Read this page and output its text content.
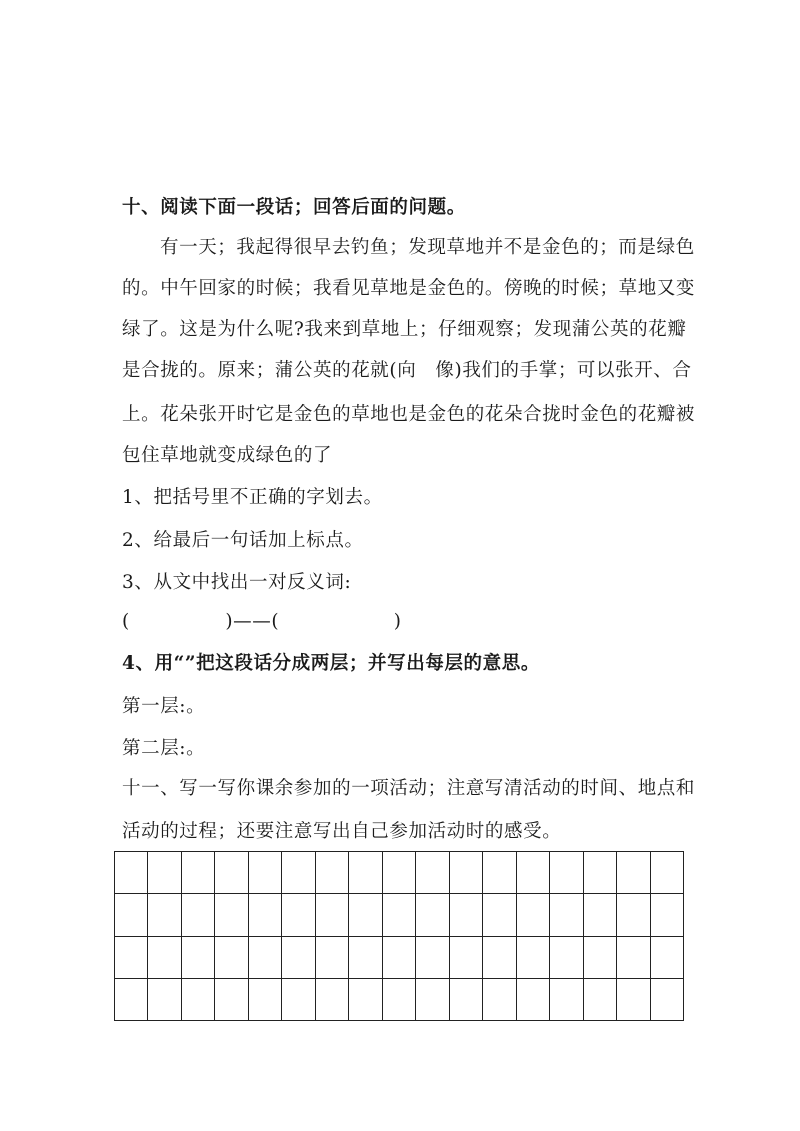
十、阅读下面一段话；回答后面的问题。
有一天；我起得很早去钓鱼；发现草地并不是金色的；而是绿色
的。中午回家的时候；我看见草地是金色的。傍晚的时候；草地又变
绿了。这是为什么呢?我来到草地上；仔细观察；发现蒲公英的花瓣
是合拢的。原来；蒲公英的花就(向　像)我们的手掌；可以张开、合
上。花朵张开时它是金色的草地也是金色的花朵合拢时金色的花瓣被
包住草地就变成绿色的了
1、把括号里不正确的字划去。
2、给最后一句话加上标点。
3、从文中找出一对反义词:
(　　　　　)——(　　　　　　)
4、用“”把这段话分成两层；并写出每层的意思。
第一层:。
第二层:。
十一、写一写你课余参加的一项活动；注意写清活动的时间、地点和
活动的过程；还要注意写出自己参加活动时的感受。
